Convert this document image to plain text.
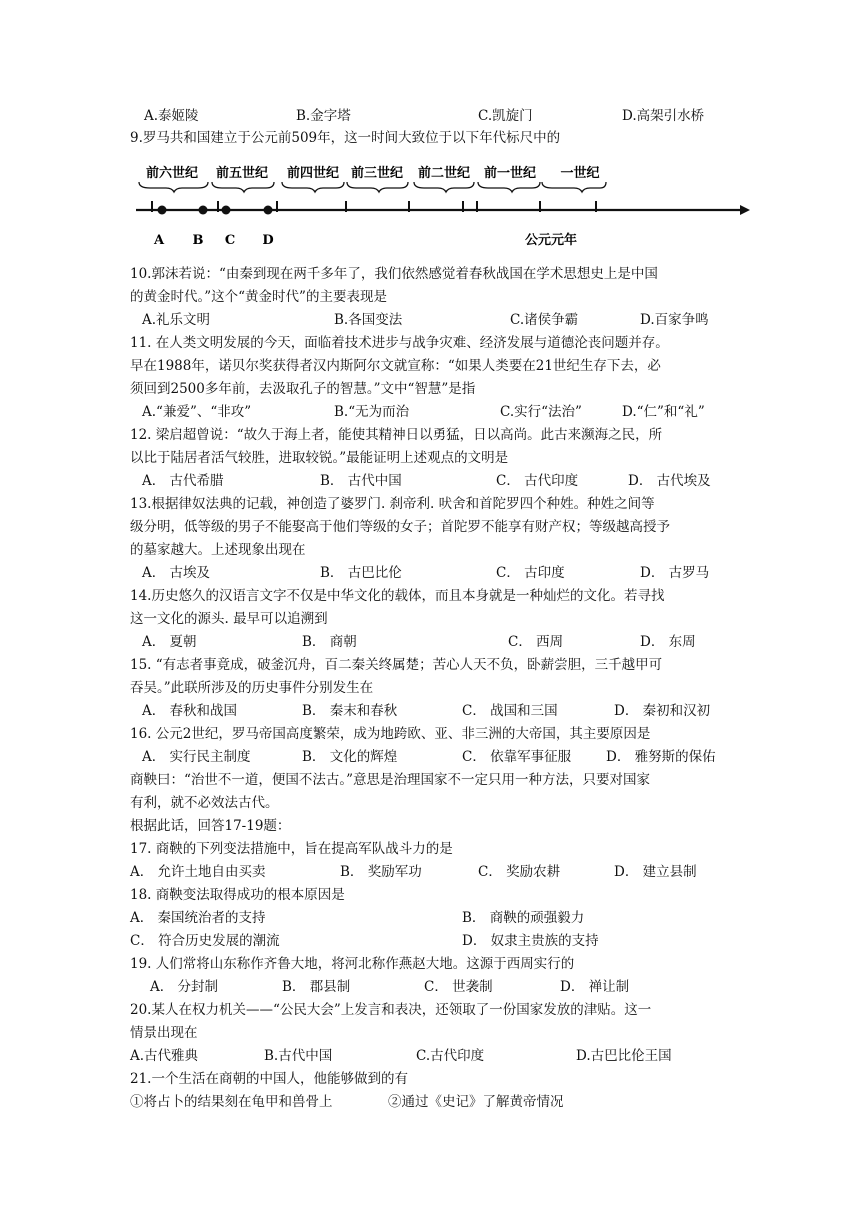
A.泰姬陵	B.金字塔	C.凯旋门	D.高架引水桥
9.罗马共和国建立于公元前509年，这一时间大致位于以下年代标尺中的
前六世纪 前五世纪 前四世纪 前三世纪 前二世纪 前一世纪 一世纪
A B C D	公元元年
10.郭沫若说：“由秦到现在两千多年了，我们依然感觉着春秋战国在学术思想史上是中国
的黄金时代。”这个“黄金时代”的主要表现是
A.礼乐文明	B.各国变法	C.诸侯争霸	D.百家争鸣
11. 在人类文明发展的今天，面临着技术进步与战争灾难、经济发展与道德沦丧问题并存。
早在1988年，诺贝尔奖获得者汉内斯阿尔文就宣称：“如果人类要在21世纪生存下去，必
须回到2500多年前，去汲取孔子的智慧。”文中“智慧”是指
A.“兼爱”、“非攻”	B.“无为而治	C.实行“法治”	D.“仁”和“礼”
12. 梁启超曾说：“故久于海上者，能使其精神日以勇猛，日以高尚。此古来濒海之民，所
以比于陆居者活气较胜，进取较锐。”最能证明上述观点的文明是
A． 古代希腊	B． 古代中国	C． 古代印度	D． 古代埃及
13.根据律奴法典的记载，神创造了婆罗门. 刹帝利. 吠舍和首陀罗四个种姓。种姓之间等
级分明，低等级的男子不能娶高于他们等级的女子；首陀罗不能享有财产权；等级越高授予
的墓家越大。上述现象出现在
A． 古埃及	B． 古巴比伦	C． 古印度	D． 古罗马
14.历史悠久的汉语言文字不仅是中华文化的载体，而且本身就是一种灿烂的文化。若寻找
这一文化的源头. 最早可以追溯到
A． 夏朝	B． 商朝	C． 西周	D． 东周
15. “有志者事竟成，破釜沉舟，百二秦关终属楚；苦心人天不负，卧薪尝胆，三千越甲可
吞吴。”此联所涉及的历史事件分别发生在
A． 春秋和战国	B． 秦末和春秋	C． 战国和三国	D． 秦初和汉初
16. 公元2世纪，罗马帝国高度繁荣，成为地跨欧、亚、非三洲的大帝国，其主要原因是
A． 实行民主制度	B． 文化的辉煌	C． 依靠军事征服	D． 雅努斯的保佑
商鞅曰：“治世不一道，便国不法古。”意思是治理国家不一定只用一种方法，只要对国家
有利，就不必效法古代。
根据此话，回答17-19题：
17. 商鞅的下列变法措施中，旨在提高军队战斗力的是
A． 允许土地自由买卖	B． 奖励军功	C． 奖励农耕	D． 建立县制
18. 商鞅变法取得成功的根本原因是
A． 秦国统治者的支持	B． 商鞅的顽强毅力
C． 符合历史发展的潮流	D． 奴隶主贵族的支持
19. 人们常将山东称作齐鲁大地，将河北称作燕赵大地。这源于西周实行的
A． 分封制	B． 郡县制	C． 世袭制	D． 禅让制
20.某人在权力机关——“公民大会”上发言和表决，还领取了一份国家发放的津贴。这一
情景出现在
A.古代雅典	B.古代中国	C.古代印度	D.古巴比伦王国
21.一个生活在商朝的中国人，他能够做到的有
①将占卜的结果刻在龟甲和兽骨上	②通过《史记》了解黄帝情况
